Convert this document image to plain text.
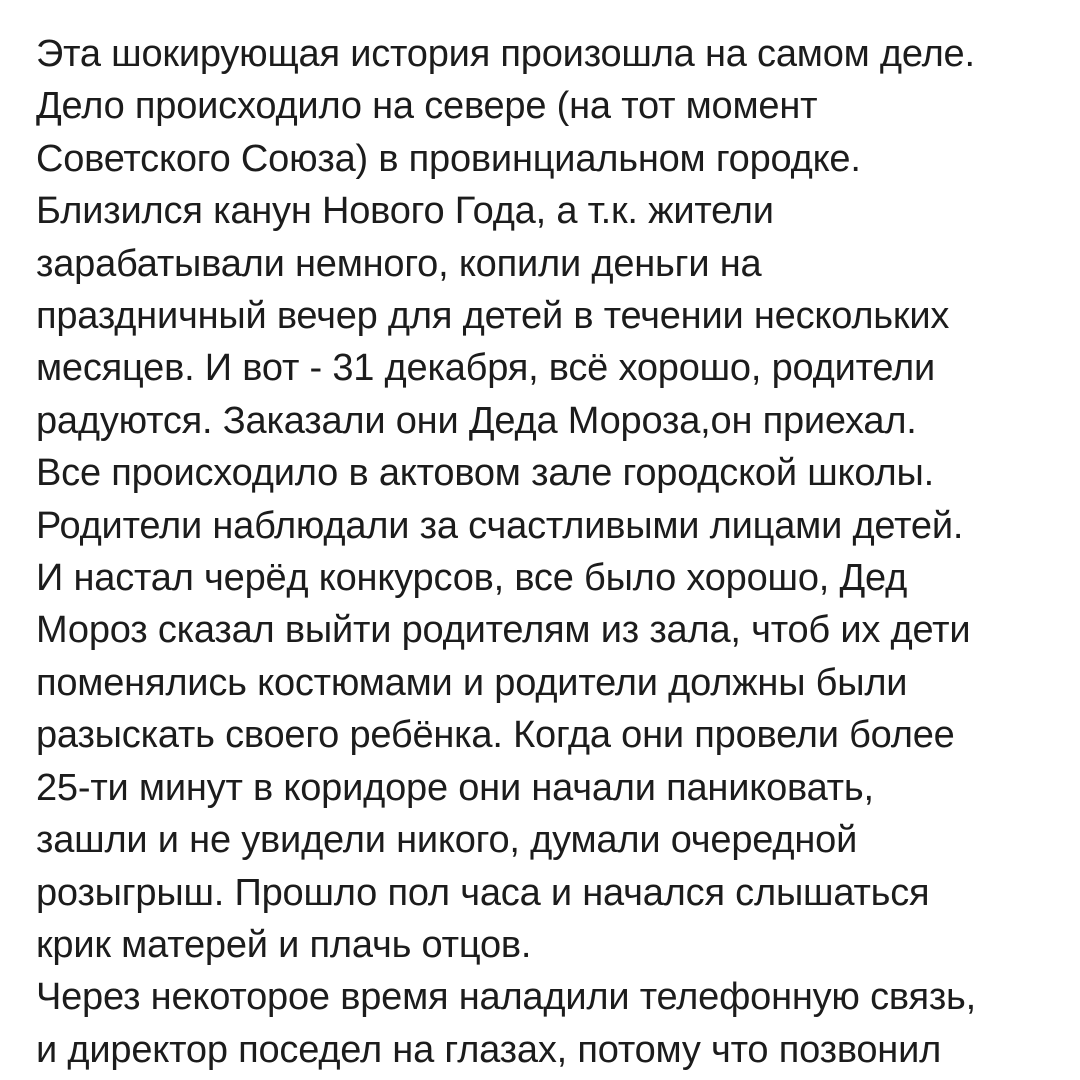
Эта шокирующая история произошла на самом деле.
Дело происходило на севере (на тот момент
Советского Союза) в провинциальном городке.
Близился канун Нового Года, а т.к. жители
зарабатывали немного, копили деньги на
праздничный вечер для детей в течении нескольких
месяцев. И вот - 31 декабря, всё хорошо, родители
радуются. Заказали они Деда Мороза,он приехал.
Все происходило в актовом зале городской школы.
Родители наблюдали за счастливыми лицами детей.
И настал черёд конкурсов, все было хорошо, Дед
Мороз сказал выйти родителям из зала, чтоб их дети
поменялись костюмами и родители должны были
разыскать своего ребёнка. Когда они провели более
25-ти минут в коридоре они начали паниковать,
зашли и не увидели никого, думали очередной
розыгрыш. Прошло пол часа и начался слышаться
крик матерей и плачь отцов.
Через некоторое время наладили телефонную связь,
и директор поседел на глазах, потому что позвонил
